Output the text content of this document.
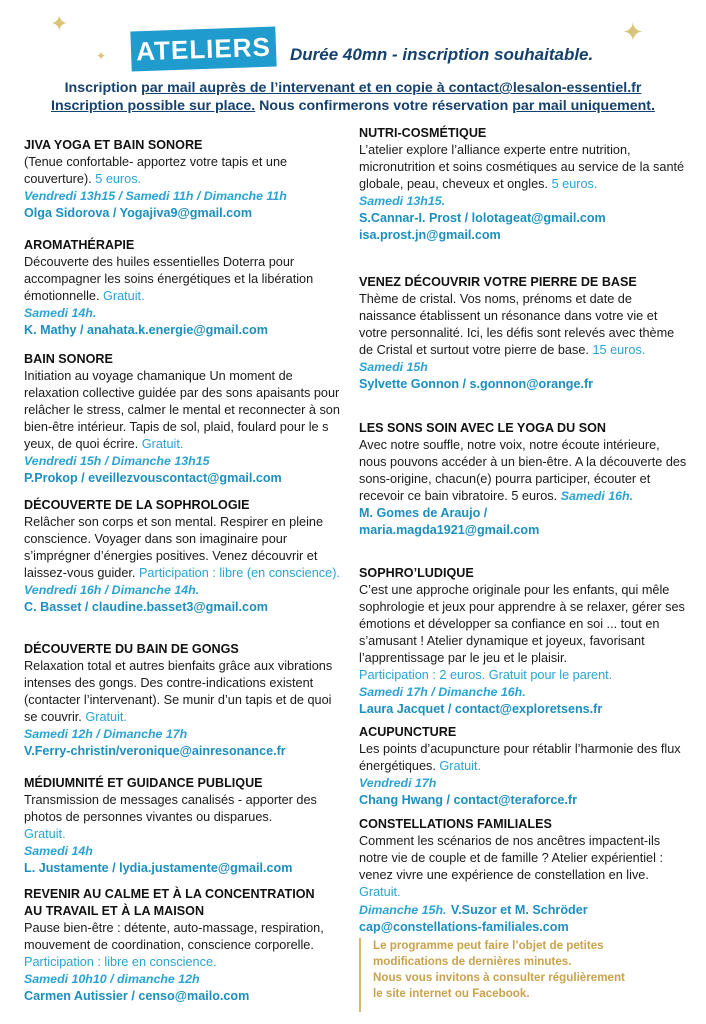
✦	✦
✦ ATELIERS	Durée 40mn - inscription souhaitable.
Inscription par mail auprès de l’intervenant et en copie à contact@lesalon-essentiel.fr
Inscription possible sur place. Nous confirmerons votre réservation par mail uniquement.
JIVA YOGA ET BAIN SONORE
(Tenue confortable- apportez votre tapis et une couverture). 5 euros.
Vendredi 13h15 / Samedi 11h / Dimanche 11h
Olga Sidorova / Yogajiva9@gmail.com
AROMATHÉRAPIE
Découverte des huiles essentielles Doterra pour accompagner les soins énergétiques et la libération émotionnelle. Gratuit.
Samedi 14h.
K. Mathy / anahata.k.energie@gmail.com
BAIN SONORE
Initiation au voyage chamanique Un moment de relaxation collective guidée par des sons apaisants pour relâcher le stress, calmer le mental et reconnecter à son bien-être intérieur. Tapis de sol, plaid, foulard pour le s yeux, de quoi écrire. Gratuit.
Vendredi 15h / Dimanche 13h15
P.Prokop / eveillezvouscontact@gmail.com
DÉCOUVERTE DE LA SOPHROLOGIE
Relâcher son corps et son mental. Respirer en pleine conscience. Voyager dans son imaginaire pour s’imprégner d’énergies positives. Venez découvrir et laissez-vous guider. Participation : libre (en conscience).
Vendredi 16h / Dimanche 14h.
C. Basset / claudine.basset3@gmail.com
DÉCOUVERTE DU BAIN DE GONGS
Relaxation total et autres bienfaits grâce aux vibrations intenses des gongs. Des contre-indications existent (contacter l’intervenant). Se munir d’un tapis et de quoi se couvrir. Gratuit.
Samedi 12h / Dimanche 17h
V.Ferry-christin/veronique@ainresonance.fr
MÉDIUMNITÉ ET GUIDANCE PUBLIQUE
Transmission de messages canalisés - apporter des photos de personnes vivantes ou disparues.
Gratuit.
Samedi 14h
L. Justamente / lydia.justamente@gmail.com
REVENIR AU CALME ET À LA CONCENTRATION
AU TRAVAIL ET À LA MAISON
Pause bien-être : détente, auto-massage, respiration, mouvement de coordination, conscience corporelle. Participation : libre en conscience.
Samedi 10h10 / dimanche 12h
Carmen Autissier / censo@mailo.com
NUTRI-COSMÉTIQUE
L’atelier explore l’alliance experte entre nutrition, micronutrition et soins cosmétiques au service de la santé globale, peau, cheveux et ongles. 5 euros.
Samedi 13h15.
S.Cannar-I. Prost / lolotageat@gmail.com
isa.prost.jn@gmail.com
VENEZ DÉCOUVRIR VOTRE PIERRE DE BASE
Thème de cristal. Vos noms, prénoms et date de naissance établissent un résonance dans votre vie et votre personnalité. Ici, les défis sont relevés avec thème de Cristal et surtout votre pierre de base. 15 euros.
Samedi 15h
Sylvette Gonnon / s.gonnon@orange.fr
LES SONS SOIN AVEC LE YOGA DU SON
Avec notre souffle, notre voix, notre écoute intérieure, nous pouvons accéder à un bien-être. A la découverte des sons-origine, chacun(e) pourra participer, écouter et recevoir ce bain vibratoire. 5 euros. Samedi 16h.
M. Gomes de Araujo /
maria.magda1921@gmail.com
SOPHRO’LUDIQUE
C’est une approche originale pour les enfants, qui mêle sophrologie et jeux pour apprendre à se relaxer, gérer ses émotions et développer sa confiance en soi ... tout en s’amusant ! Atelier dynamique et joyeux, favorisant l’apprentissage par le jeu et le plaisir.
Participation : 2 euros. Gratuit pour le parent.
Samedi 17h / Dimanche 16h.
Laura Jacquet / contact@exploretsens.fr
ACUPUNCTURE
Les points d’acupuncture pour rétablir l’harmonie des flux énergétiques. Gratuit.
Vendredi 17h
Chang Hwang / contact@teraforce.fr
CONSTELLATIONS FAMILIALES
Comment les scénarios de nos ancêtres impactent-ils notre vie de couple et de famille ? Atelier expérientiel : venez vivre une expérience de constellation en live.
Gratuit.
Dimanche 15h. V.Suzor et M. Schröder
cap@constellations-familiales.com
Le programme peut faire l’objet de petites
modifications de dernières minutes.
Nous vous invitons à consulter régulièrement
le site internet ou Facebook.
